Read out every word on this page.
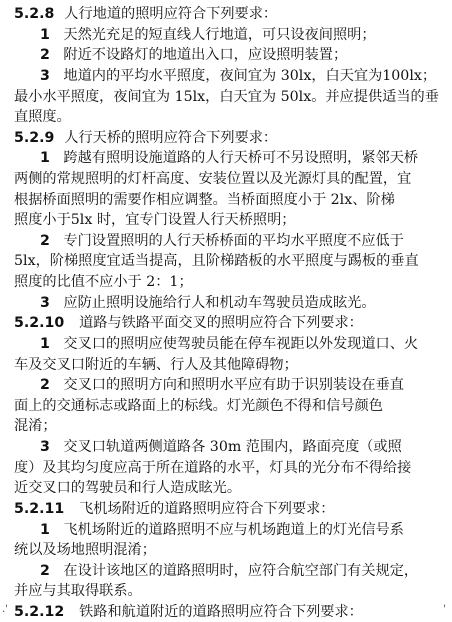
5.2.8 人行地道的照明应符合下列要求：
1 天然光充足的短直线人行地道，可只设夜间照明；
2 附近不设路灯的地道出入口，应设照明装置；
3 地道内的平均水平照度，夜间宜为 30lx，白天宜为100lx；
最小水平照度，夜间宜为 15lx，白天宜为 50lx。并应提供适当的垂
直照度。
5.2.9 人行天桥的照明应符合下列要求：
1 跨越有照明设施道路的人行天桥可不另设照明，紧邻天桥
两侧的常规照明的灯杆高度、安装位置以及光源灯具的配置，宜
根据桥面照明的需要作相应调整。当桥面照度小于 2lx、阶梯
照度小于5lx 时，宜专门设置人行天桥照明；
2 专门设置照明的人行天桥桥面的平均水平照度不应低于
5lx，阶梯照度宜适当提高，且阶梯踏板的水平照度与踢板的垂直
照度的比值不应小于 2：1；
3 应防止照明设施给行人和机动车驾驶员造成眩光。
5.2.10 道路与铁路平面交叉的照明应符合下列要求：
1 交叉口的照明应使驾驶员能在停车视距以外发现道口、火
车及交叉口附近的车辆、行人及其他障碍物；
2 交叉口的照明方向和照明水平应有助于识别装设在垂直
面上的交通标志或路面上的标线。灯光颜色不得和信号颜色
混淆；
3 交叉口轨道两侧道路各 30m 范围内，路面亮度（或照
度）及其均匀度应高于所在道路的水平，灯具的光分布不得给接
近交叉口的驾驶员和行人造成眩光。
5.2.11 飞机场附近的道路照明应符合下列要求：
1 飞机场附近的道路照明不应与机场跑道上的灯光信号系
统以及场地照明混淆；
2 在设计该地区的道路照明时，应符合航空部门有关规定，
并应与其取得联系。
5.2.12 铁路和航道附近的道路照明应符合下列要求：
.'	'
